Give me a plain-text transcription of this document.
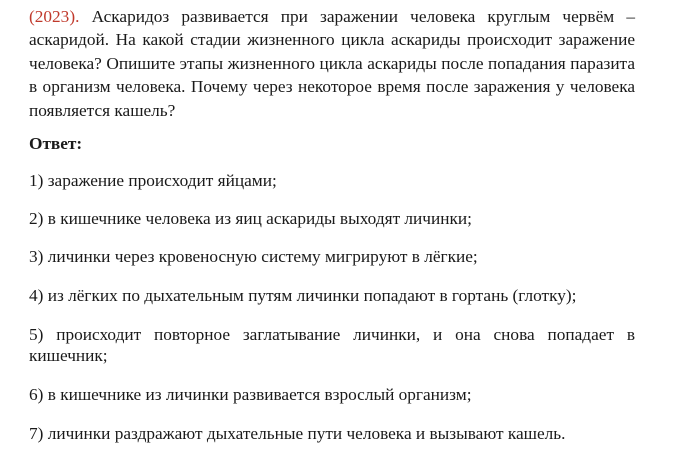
(2023). Аскаридоз развивается при заражении человека круглым червём – аскаридой. На какой стадии жизненного цикла аскариды происходит заражение человека? Опишите этапы жизненного цикла аскариды после попадания паразита в организм человека. Почему через некоторое время после заражения у человека появляется кашель?

Ответ:

1) заражение происходит яйцами;

2) в кишечнике человека из яиц аскариды выходят личинки;

3) личинки через кровеносную систему мигрируют в лёгкие;

4) из лёгких по дыхательным путям личинки попадают в гортань (глотку);

5) происходит повторное заглатывание личинки, и она снова попадает в кишечник;

6) в кишечнике из личинки развивается взрослый организм;

7) личинки раздражают дыхательные пути человека и вызывают кашель.
